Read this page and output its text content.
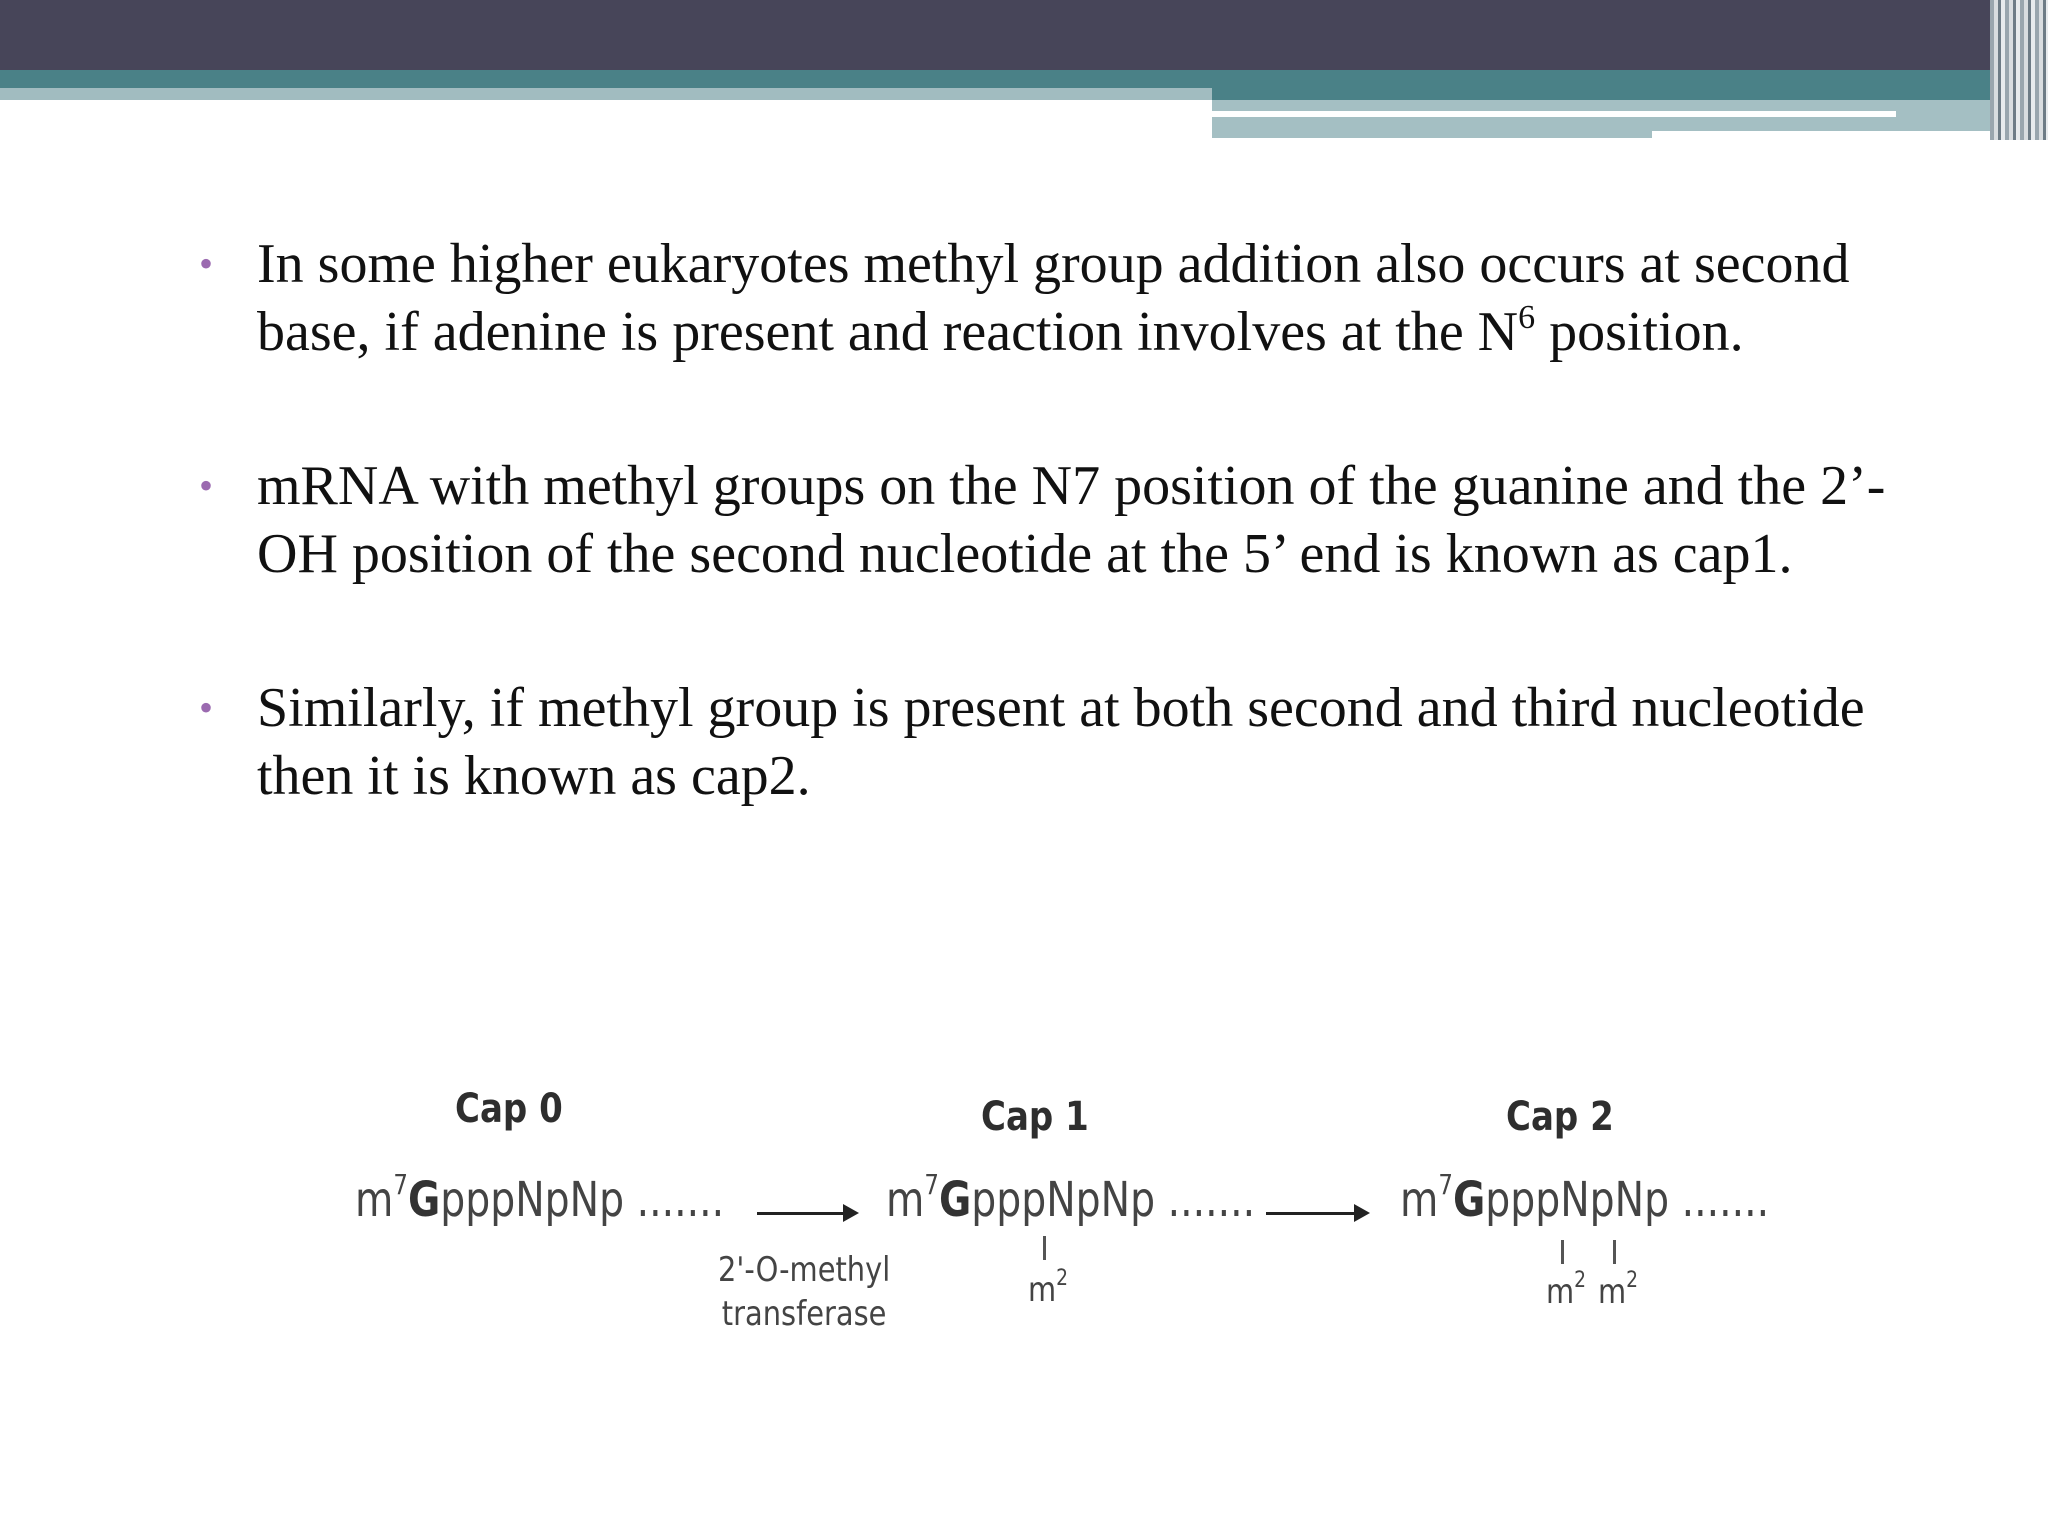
• In some higher eukaryotes methyl group addition also occurs at second base, if adenine is present and reaction involves at the $N^6$ position.
• mRNA with methyl groups on the N7 position of the guanine and the 2’-OH position of the second nucleotide at the 5’ end is known as cap1.
• Similarly, if methyl group is present at both second and third nucleotide then it is known as cap2.
Cap 0
$m^7GpppNpNp$ .......
2'-O-methyl
transferase
Cap 1
$m^7GpppNpNp$ .......
$m^2$
Cap 2
$m^7GpppNpNp$ .......
$m^2$ $m^2$
